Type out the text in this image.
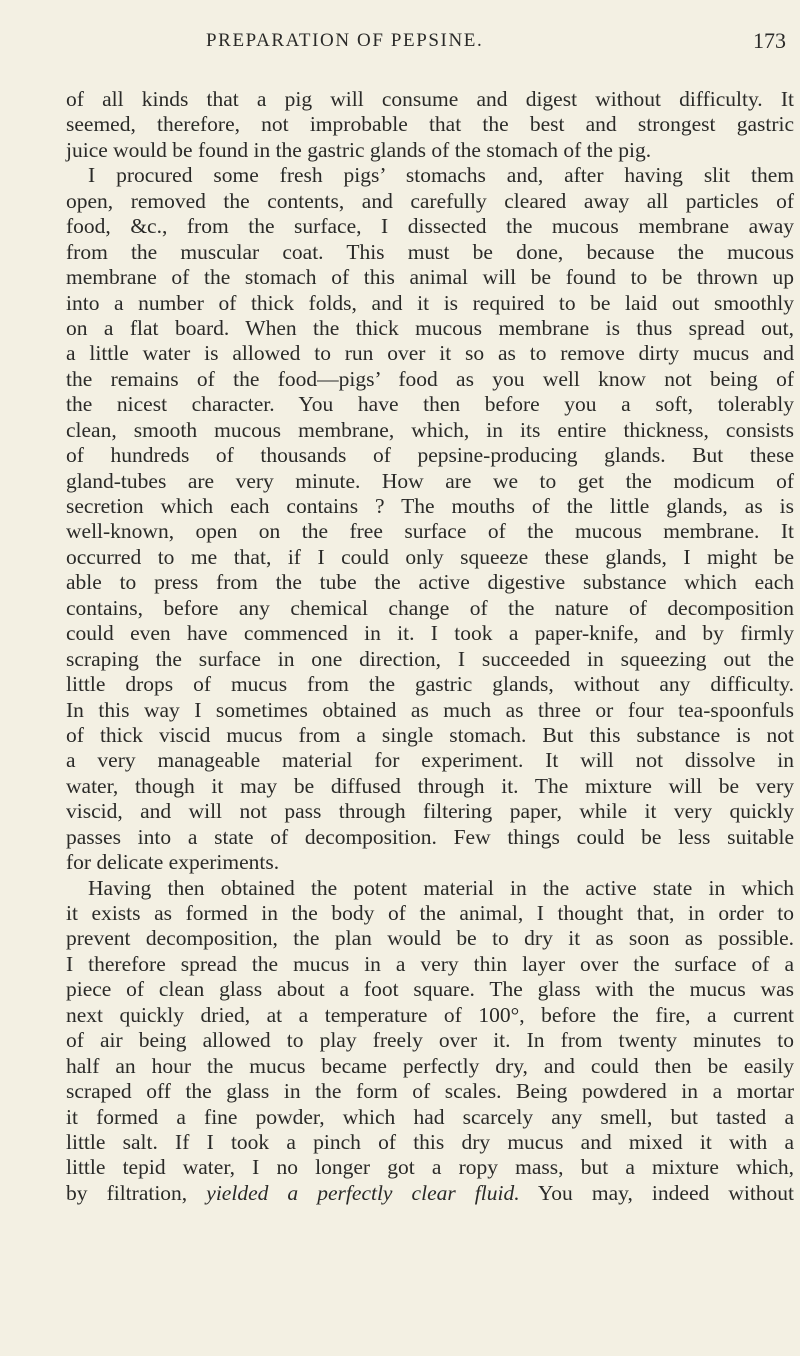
PREPARATION OF PEPSINE.	173
of all kinds that a pig will consume and digest without difficulty. It
seemed, therefore, not improbable that the best and strongest gastric
juice would be found in the gastric glands of the stomach of the pig.
I procured some fresh pigs’ stomachs and, after having slit them
open, removed the contents, and carefully cleared away all particles of
food, &c., from the surface, I dissected the mucous membrane away
from the muscular coat. This must be done, because the mucous
membrane of the stomach of this animal will be found to be thrown up
into a number of thick folds, and it is required to be laid out smoothly
on a flat board. When the thick mucous membrane is thus spread out,
a little water is allowed to run over it so as to remove dirty mucus and
the remains of the food—pigs’ food as you well know not being of
the nicest character. You have then before you a soft, tolerably
clean, smooth mucous membrane, which, in its entire thickness, consists
of hundreds of thousands of pepsine-producing glands. But these
gland-tubes are very minute. How are we to get the modicum of
secretion which each contains ? The mouths of the little glands, as is
well-known, open on the free surface of the mucous membrane. It
occurred to me that, if I could only squeeze these glands, I might be
able to press from the tube the active digestive substance which each
contains, before any chemical change of the nature of decomposition
could even have commenced in it. I took a paper-knife, and by firmly
scraping the surface in one direction, I succeeded in squeezing out the
little drops of mucus from the gastric glands, without any difficulty.
In this way I sometimes obtained as much as three or four tea-spoonfuls
of thick viscid mucus from a single stomach. But this substance is not
a very manageable material for experiment. It will not dissolve in
water, though it may be diffused through it. The mixture will be very
viscid, and will not pass through filtering paper, while it very quickly
passes into a state of decomposition. Few things could be less suitable
for delicate experiments.
Having then obtained the potent material in the active state in which
it exists as formed in the body of the animal, I thought that, in order to
prevent decomposition, the plan would be to dry it as soon as possible.
I therefore spread the mucus in a very thin layer over the surface of a
piece of clean glass about a foot square. The glass with the mucus was
next quickly dried, at a temperature of 100°, before the fire, a current
of air being allowed to play freely over it. In from twenty minutes to
half an hour the mucus became perfectly dry, and could then be easily
scraped off the glass in the form of scales. Being powdered in a mortar
it formed a fine powder, which had scarcely any smell, but tasted a
little salt. If I took a pinch of this dry mucus and mixed it with a
little tepid water, I no longer got a ropy mass, but a mixture which,
by filtration, yielded a perfectly clear fluid. You may, indeed without
